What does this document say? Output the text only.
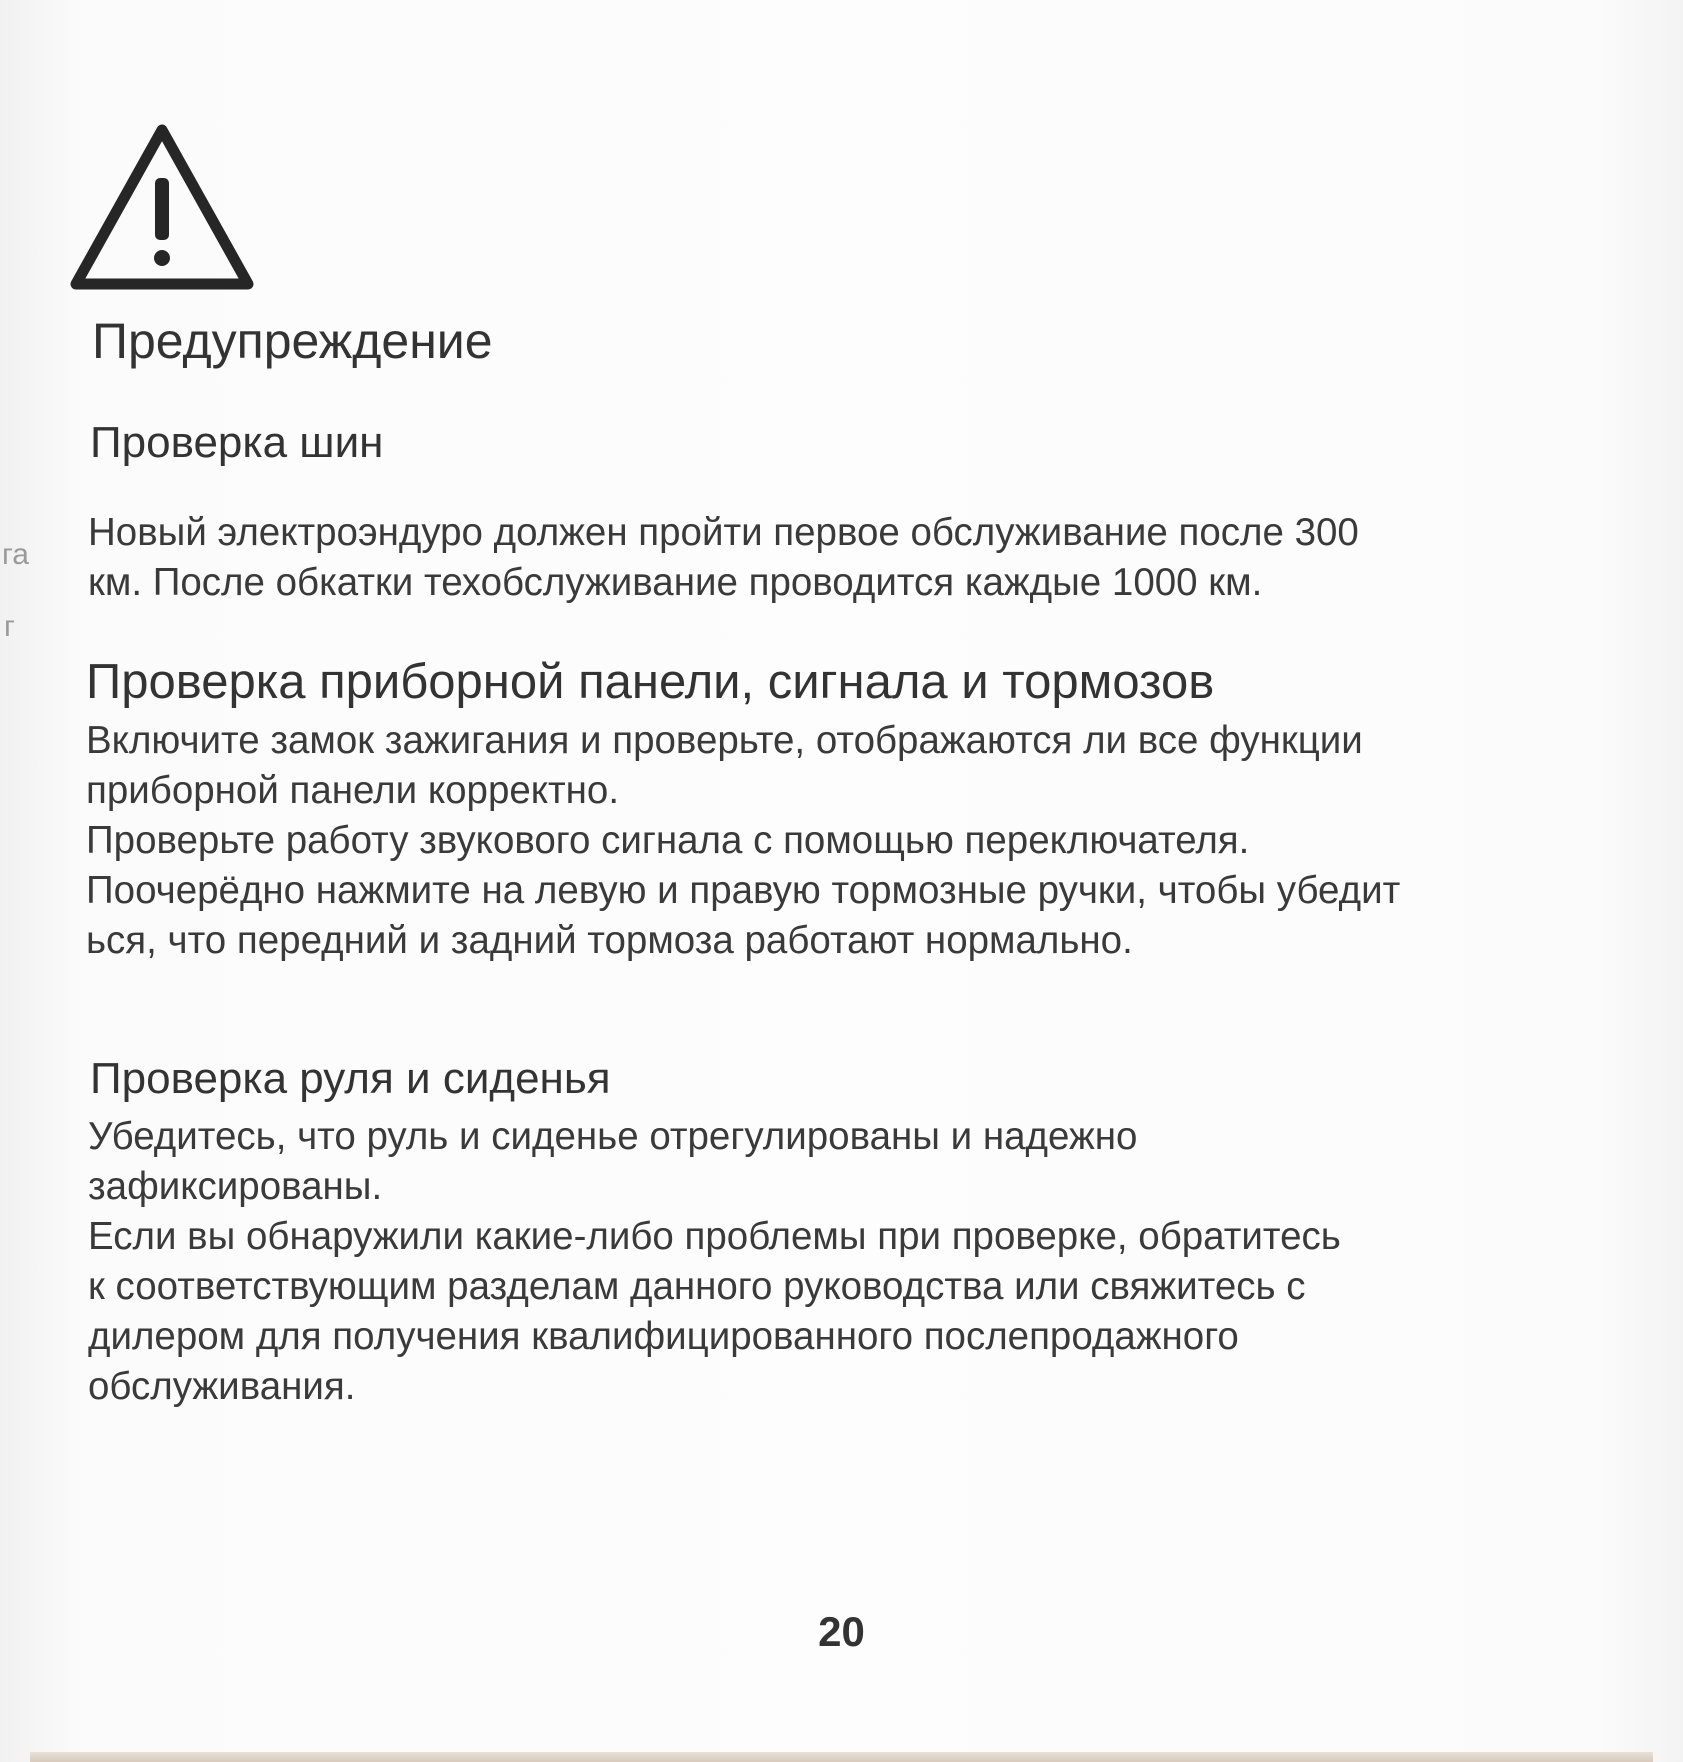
га
г
Предупреждение
Проверка шин

Новый электроэндуро должен пройти первое обслуживание после 300
км. После обкатки техобслуживание проводится каждые 1000 км.

Проверка приборной панели, сигнала и тормозов

Включите замок зажигания и проверьте, отображаются ли все функции
приборной панели корректно.

Проверьте работу звукового сигнала с помощью переключателя.

Поочерёдно нажмите на левую и правую тормозные ручки, чтобы убедит
ься, что передний и задний тормоза работают нормально.

Проверка руля и сиденья

Убедитесь, что руль и сиденье отрегулированы и надежно
зафиксированы.

Если вы обнаружили какие-либо проблемы при проверке, обратитесь
к соответствующим разделам данного руководства или свяжитесь с
дилером для получения квалифицированного послепродажного
обслуживания.

20
